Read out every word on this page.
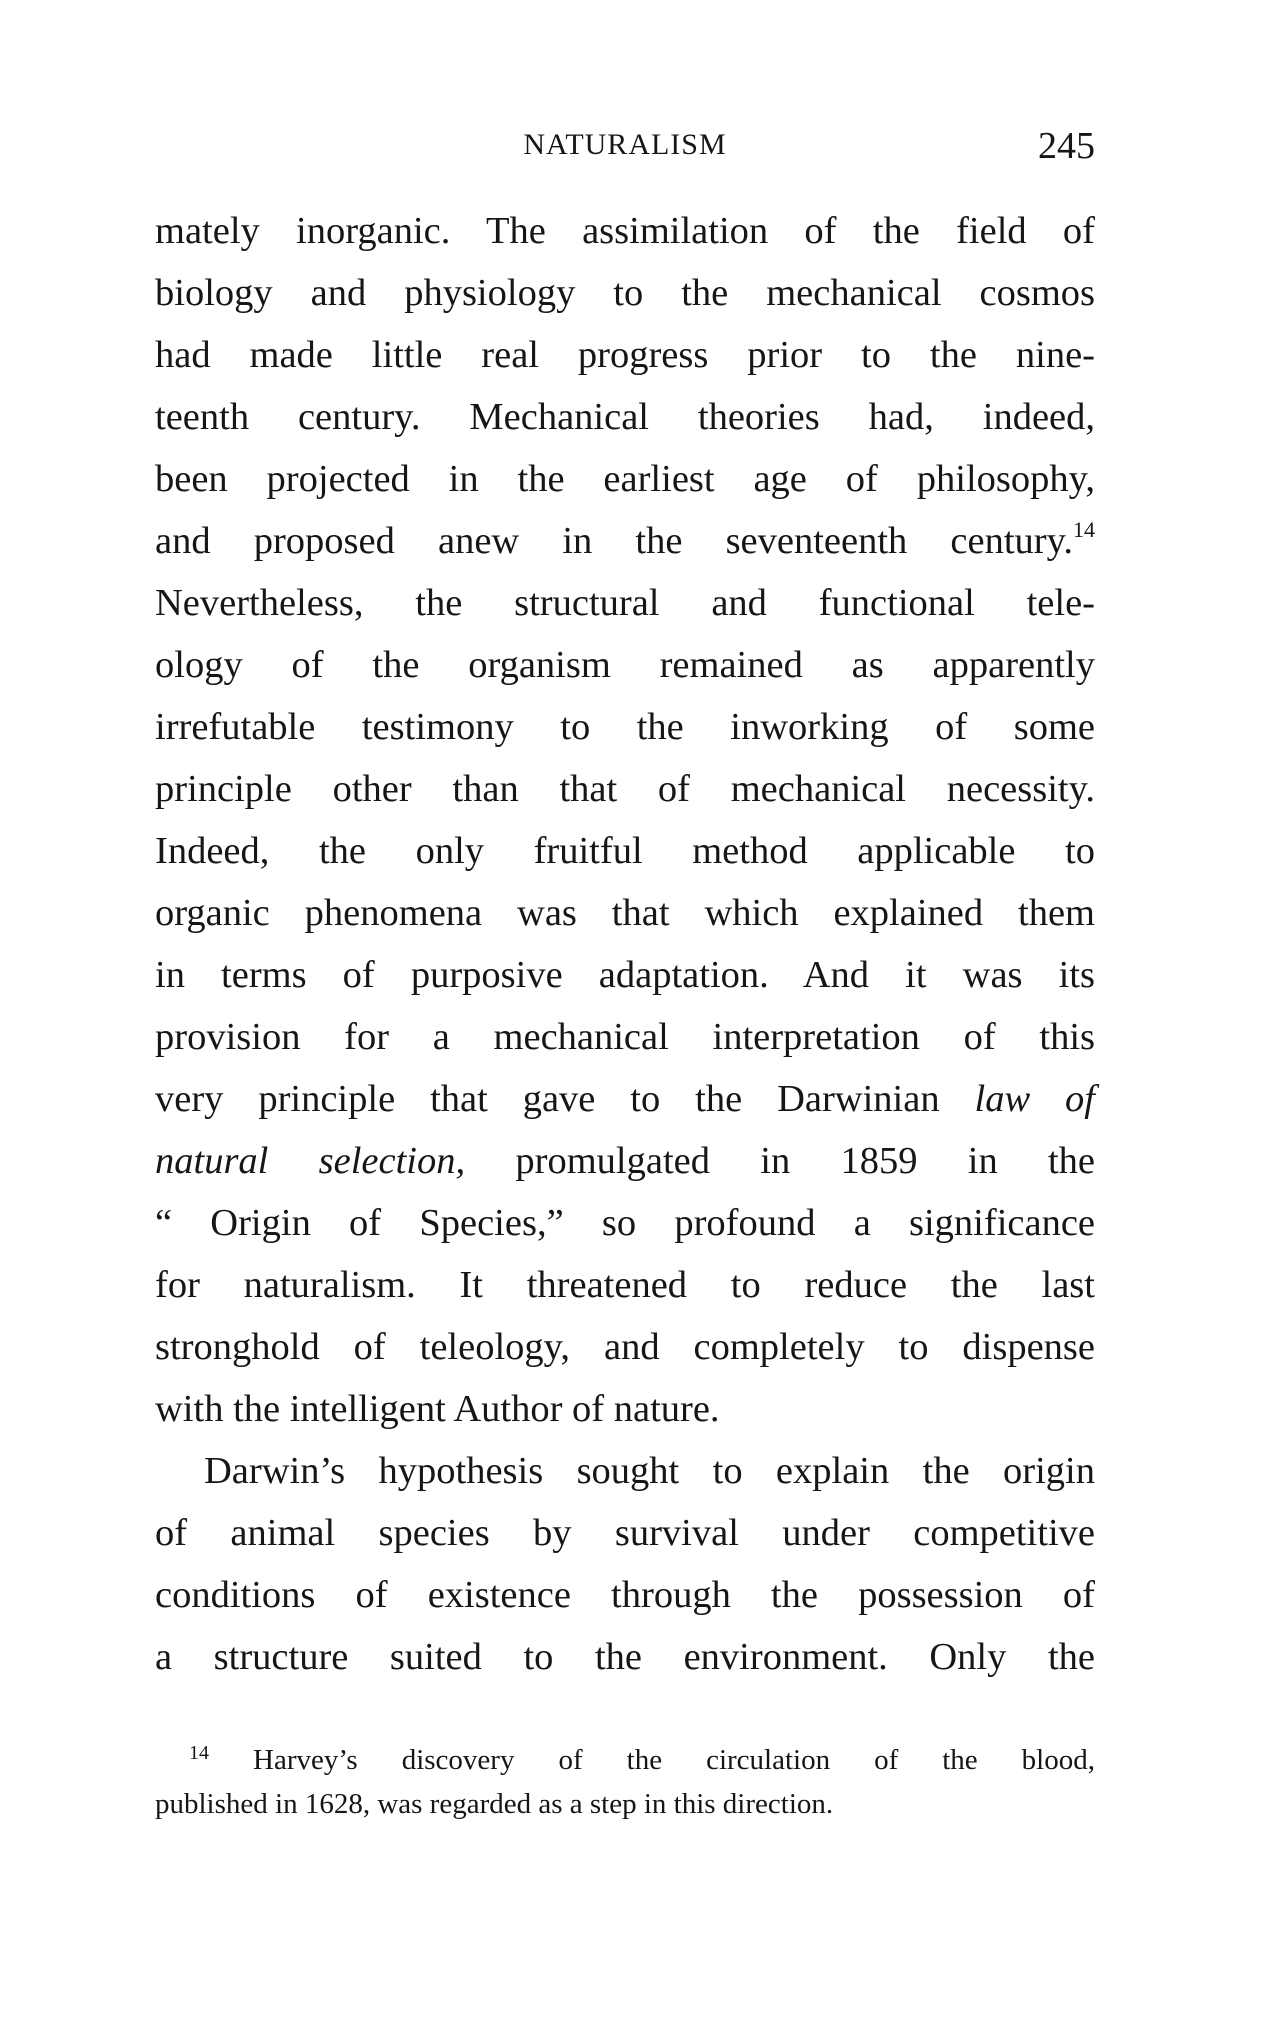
NATURALISM	245
mately inorganic. The assimilation of the field of
biology and physiology to the mechanical cosmos
had made little real progress prior to the nine-
teenth century. Mechanical theories had, indeed,
been projected in the earliest age of philosophy,
and proposed anew in the seventeenth century.$^{14}$
Nevertheless, the structural and functional tele-
ology of the organism remained as apparently
irrefutable testimony to the inworking of some
principle other than that of mechanical necessity.
Indeed, the only fruitful method applicable to
organic phenomena was that which explained them
in terms of purposive adaptation. And it was its
provision for a mechanical interpretation of this
very principle that gave to the Darwinian law of
natural selection, promulgated in 1859 in the
“ Origin of Species,” so profound a significance
for naturalism. It threatened to reduce the last
stronghold of teleology, and completely to dispense
with the intelligent Author of nature.
Darwin’s hypothesis sought to explain the origin
of animal species by survival under competitive
conditions of existence through the possession of
a structure suited to the environment. Only the
$^{14}$ Harvey’s discovery of the circulation of the blood,
published in 1628, was regarded as a step in this direction.
